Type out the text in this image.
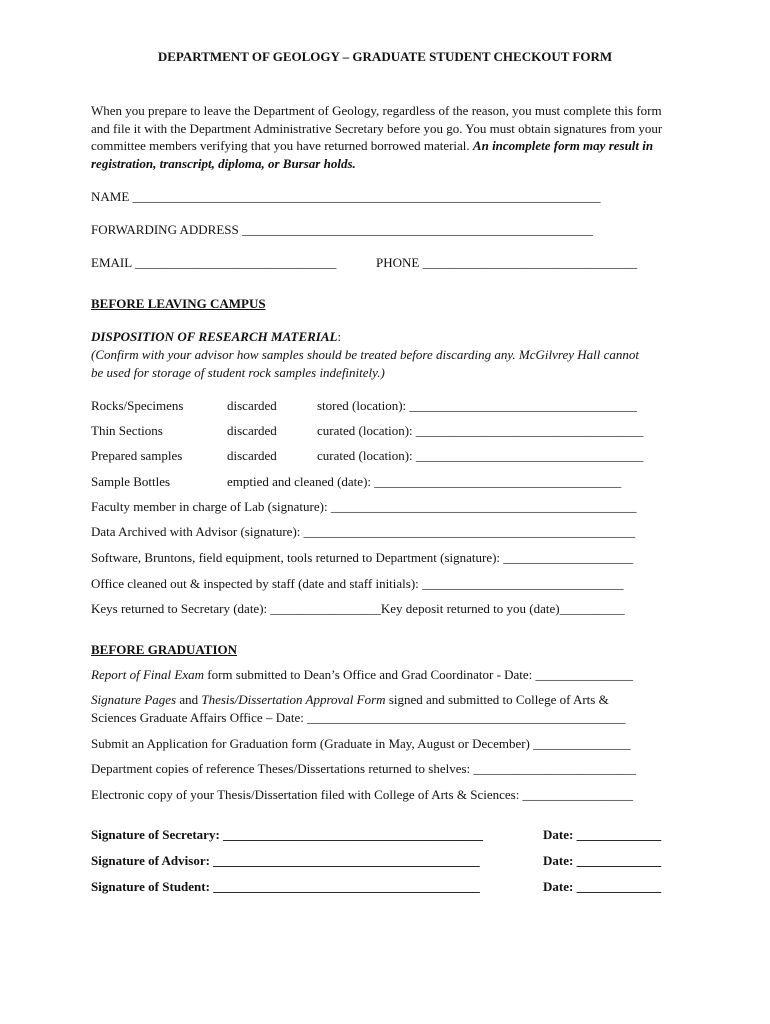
DEPARTMENT OF GEOLOGY – GRADUATE STUDENT CHECKOUT FORM
When you prepare to leave the Department of Geology, regardless of the reason, you must complete this form and file it with the Department Administrative Secretary before you go. You must obtain signatures from your committee members verifying that you have returned borrowed material. An incomplete form may result in registration, transcript, diploma, or Bursar holds.
NAME ________________________________________________________________________
FORWARDING ADDRESS ______________________________________________________
EMAIL _______________________________	PHONE _________________________________
BEFORE LEAVING CAMPUS
DISPOSITION OF RESEARCH MATERIAL:
(Confirm with your advisor how samples should be treated before discarding any. McGilvrey Hall cannot
be used for storage of student rock samples indefinitely.)
Rocks/Specimens	discarded	stored (location): ___________________________________
Thin Sections	discarded	curated (location): ___________________________________
Prepared samples	discarded	curated (location): ___________________________________
Sample Bottles	emptied and cleaned (date): ______________________________________
Faculty member in charge of Lab (signature): _______________________________________________
Data Archived with Advisor (signature): ___________________________________________________
Software, Bruntons, field equipment, tools returned to Department (signature): ____________________
Office cleaned out & inspected by staff (date and staff initials): _______________________________
Keys returned to Secretary (date): _________________Key deposit returned to you (date)__________
BEFORE GRADUATION
Report of Final Exam form submitted to Dean’s Office and Grad Coordinator - Date: _______________
Signature Pages and Thesis/Dissertation Approval Form signed and submitted to College of Arts &
Sciences Graduate Affairs Office – Date: _________________________________________________
Submit an Application for Graduation form (Graduate in May, August or December) _______________
Department copies of reference Theses/Dissertations returned to shelves: _________________________
Electronic copy of your Thesis/Dissertation filed with College of Arts & Sciences: _________________
Signature of Secretary: ________________________________________	Date: _____________
Signature of Advisor: _________________________________________	Date: _____________
Signature of Student: _________________________________________	Date: _____________
